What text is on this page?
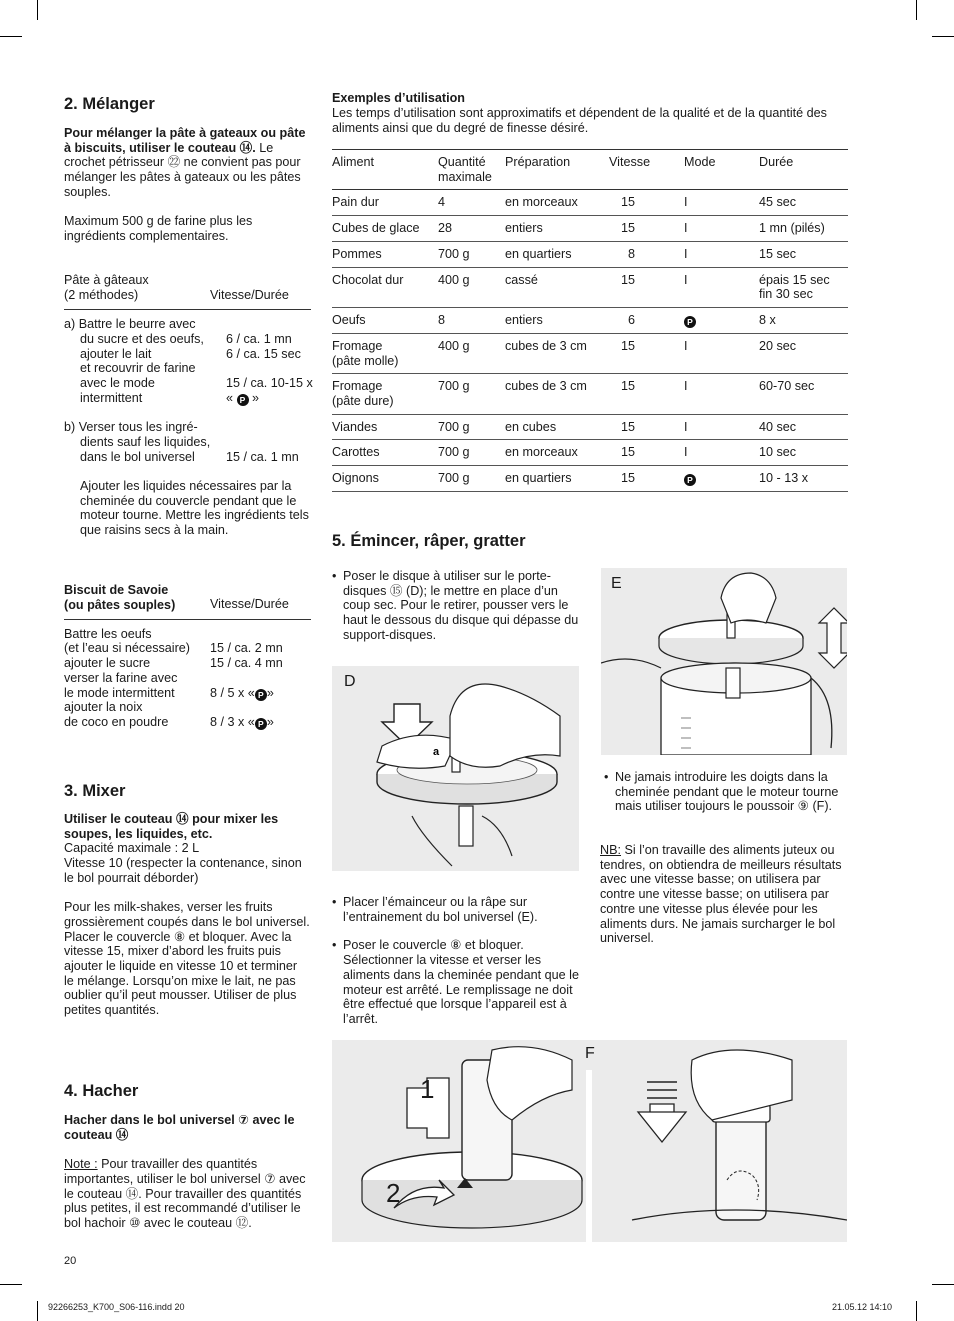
2. Mélanger
Pour mélanger la pâte à gateaux ou pâte à biscuits, utiliser le couteau ⑭. Le crochet pétrisseur ㉒ ne convient pas pour mélanger les pâtes à gateaux ou les pâtes souples.
Maximum 500 g de farine plus les ingrédients complementaires.
Pâte à gâteaux
(2 méthodes)	Vitesse/Durée
a) Battre le beurre avec
du sucre et des oeufs,	6 / ca. 1 mn
ajouter le lait	6 / ca. 15 sec
et recouvrir de farine
avec le mode	15 / ca. 10-15 x
intermittent	« P »
b) Verser tous les ingré-
dients sauf les liquides,
dans le bol universel	15 / ca. 1 mn
Ajouter les liquides nécessaires par la cheminée du couvercle pendant que le moteur tourne. Mettre les ingrédients tels que raisins secs à la main.
Biscuit de Savoie
(ou pâtes souples)	Vitesse/Durée
Battre les oeufs
(et l’eau si nécessaire)	15 / ca. 2 mn
ajouter le sucre	15 / ca. 4 mn
verser la farine avec
le mode intermittent	8 / 5 x « P »
ajouter la noix
de coco en poudre	8 / 3 x « P »
3. Mixer
Utiliser le couteau ⑭ pour mixer les soupes, les liquides, etc.
Capacité maximale : 2 L
Vitesse 10 (respecter la contenance, sinon le bol pourrait déborder)
Pour les milk-shakes, verser les fruits grossièrement coupés dans le bol universel. Placer le couvercle ⑧ et bloquer. Avec la vitesse 15, mixer d’abord les fruits puis ajouter le liquide en vitesse 10 et terminer le mélange. Lorsqu’on mixe le lait, ne pas oublier qu’il peut mousser. Utiliser de plus petites quantités.
4. Hacher
Hacher dans le bol universel ⑦ avec le couteau ⑭
Note : Pour travailler des quantités importantes, utiliser le bol universel ⑦ avec le couteau ⑭. Pour travailler des quantités plus petites, il est recommandé d’utiliser le bol hachoir ⑩ avec le couteau ⑫.
20
Exemples d’utilisation
Les temps d’utilisation sont approximatifs et dépendent de la qualité et de la quantité des aliments ainsi que du degré de finesse désiré.
Aliment	Quantité maximale	Préparation	Vitesse	Mode	Durée
Pain dur	4	en morceaux	15	I	45 sec
Cubes de glace	28	entiers	15	I	1 mn (pilés)
Pommes	700 g	en quartiers	8	I	15 sec
Chocolat dur	400 g	cassé	15	I	épais 15 sec
fin 30 sec
Oeufs	8	entiers	6	P	8 x
Fromage
(pâte molle)	400 g	cubes de 3 cm	15	I	20 sec
Fromage
(pâte dure)	700 g	cubes de 3 cm	15	I	60-70 sec
Viandes	700 g	en cubes	15	I	40 sec
Carottes	700 g	en morceaux	15	I	10 sec
Oignons	700 g	en quartiers	15	P	10 - 13 x
5. Émincer, râper, gratter
• Poser le disque à utiliser sur le porte-disques ⑮ (D); le mettre en place d’un coup sec. Pour le retirer, pousser vers le haut le dessous du disque qui dépasse du support-disques.
• Placer l’émainceur ou la râpe sur l’entrainement du bol universel (E).
• Poser le couvercle ⑧ et bloquer. Sélectionner la vitesse et verser les aliments dans la cheminée pendant que le moteur est arrêté. Le remplissage ne doit être effectué que lorsque l’appareil est à l’arrêt.
• Ne jamais introduire les doigts dans la cheminée pendant que le moteur tourne mais utiliser toujours le poussoir ⑨ (F).
NB: Si l’on travaille des aliments juteux ou tendres, on obtiendra de meilleurs résultats avec une vitesse basse; on utilisera par contre une vitesse basse; on utilisera par contre une vitesse plus élevée pour les aliments durs. Ne jamais surcharger le bol universel.
D
a
E
F
1
2
92266253_K700_S06-116.indd 20	21.05.12 14:10
